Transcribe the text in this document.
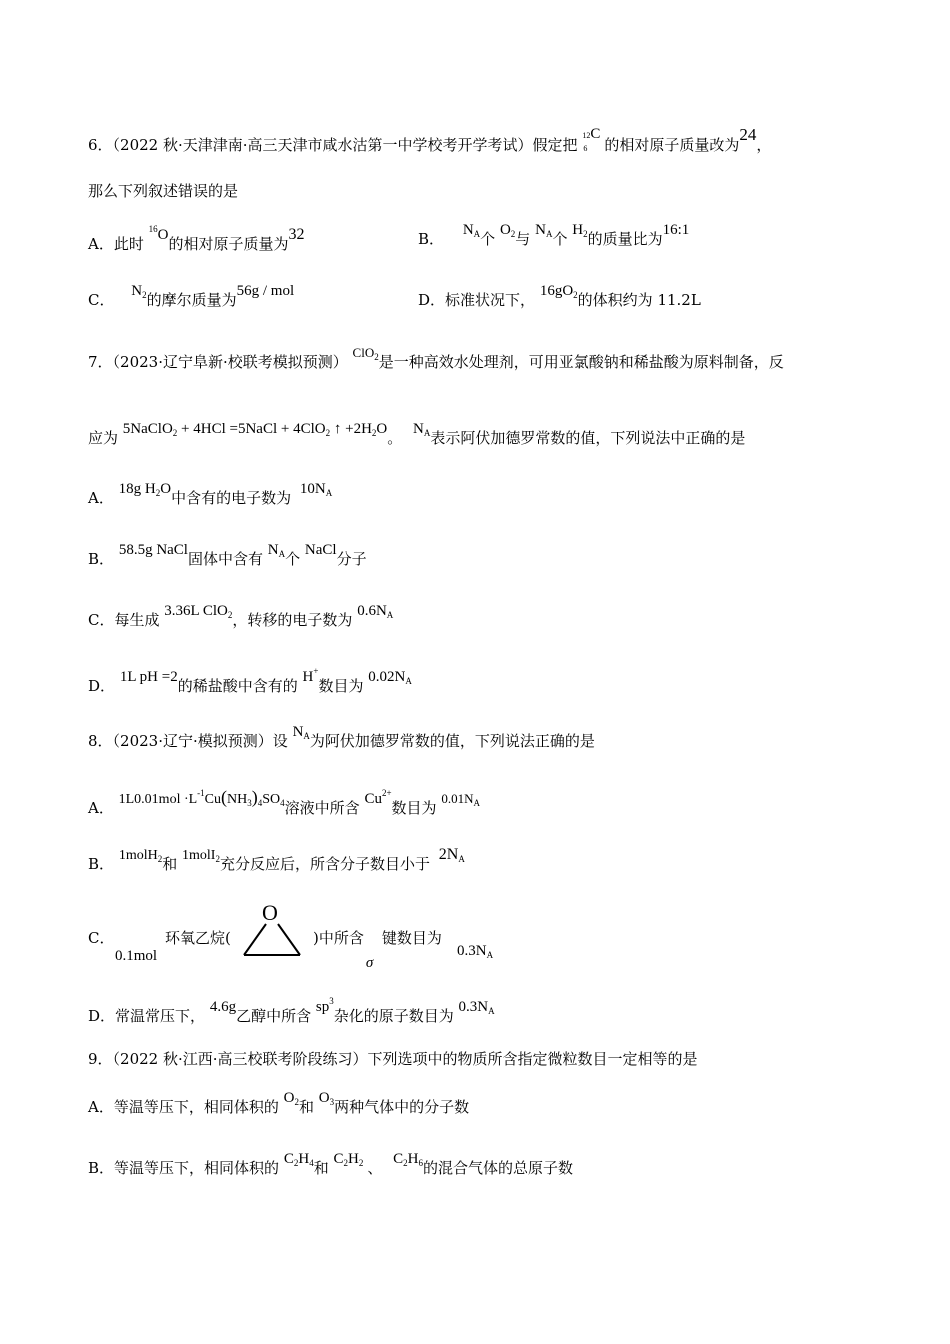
6．（2022 秋·天津津南·高三天津市咸水沽第一中学校考开学考试）假定把
12
6
C
的相对原子质量改为24，
那么下列叙述错误的是
A．此时 $^{16}$O的相对原子质量为32	B． $N_A$个 $O_2$与 $N_A$个 $H_2$的质量比为16:1
C． $N_2$的摩尔质量为56g / mol	D．标准状况下， $16gO_2$的体积约为 11.2L
7．（2023·辽宁阜新·校联考模拟预测） ClO$_2$是一种高效水处理剂，可用亚氯酸钠和稀盐酸为原料制备，反
应为 5NaClO$_2$ + 4HCl =5NaCl + 4ClO$_2$ ↑ $+2H_2O$。 $N_A$表示阿伏加德罗常数的值，下列说法中正确的是
A． 18g $H_2O$中含有的电子数为 $10N_A$
B． 58.5g NaCl固体中含有 $N_A$个 NaCl分子
C．每生成 3.36L ClO$_2$，转移的电子数为 $0.6N_A$
D． 1L pH =2的稀盐酸中含有的 H+数目为 $0.02N_A$
8．（2023·辽宁·模拟预测）设 $N_A$为阿伏加德罗常数的值，下列说法正确的是
A． $1L0.01mol \cdot L^{-1}Cu(NH_3)_4SO_4$溶液中所含 $Cu^{2+}$数目为 $0.01N_A$
B． 1molH$_2$和 1molI$_2$充分反应后，所含分子数目小于 $2N_A$
C．
0.1mol
环氧乙烷(
O
)中所含
σ
键数目为
$0.3N_A$
D．常温常压下， 4.6g乙醇中所含 $sp^3$杂化的原子数目为 $0.3N_A$
9．（2022 秋·江西·高三校联考阶段练习）下列选项中的物质所含指定微粒数目一定相等的是
A．等温等压下，相同体积的 $O_2$和 $O_3$两种气体中的分子数
B．等温等压下，相同体积的 $C_2H_4$和 $C_2H_2$ 、 $C_2H_6$的混合气体的总原子数
